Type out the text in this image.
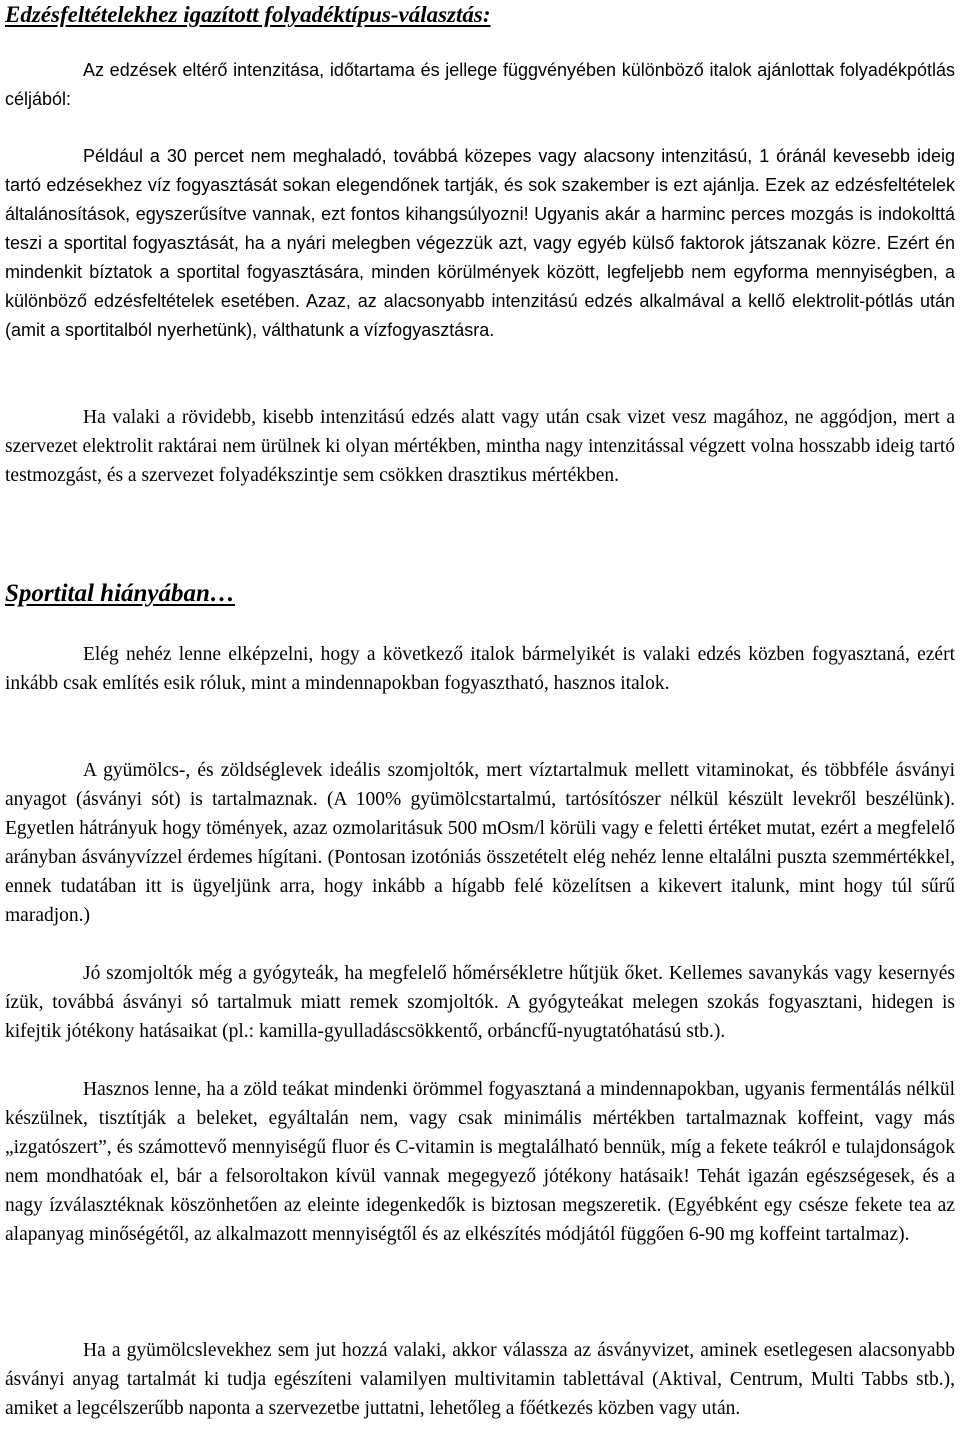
Edzésfeltételekhez igazított folyadéktípus-választás:

Az edzések eltérő intenzitása, időtartama és jellege függvényében különböző italok ajánlottak folyadékpótlás céljából:

Például a 30 percet nem meghaladó, továbbá közepes vagy alacsony intenzitású, 1 óránál kevesebb ideig tartó edzésekhez víz fogyasztását sokan elegendőnek tartják, és sok szakember is ezt ajánlja. Ezek az edzésfeltételek általánosítások, egyszerűsítve vannak, ezt fontos kihangsúlyozni! Ugyanis akár a harminc perces mozgás is indokolttá teszi a sportital fogyasztását, ha a nyári melegben végezzük azt, vagy egyéb külső faktorok játszanak közre. Ezért én mindenkit bíztatok a sportital fogyasztására, minden körülmények között, legfeljebb nem egyforma mennyiségben, a különböző edzésfeltételek esetében. Azaz, az alacsonyabb intenzitású edzés alkalmával a kellő elektrolit-pótlás után (amit a sportitalból nyerhetünk), válthatunk a vízfogyasztásra.

Ha valaki a rövidebb, kisebb intenzitású edzés alatt vagy után csak vizet vesz magához, ne aggódjon, mert a szervezet elektrolit raktárai nem ürülnek ki olyan mértékben, mintha nagy intenzitással végzett volna hosszabb ideig tartó testmozgást, és a szervezet folyadékszintje sem csökken drasztikus mértékben.

Sportital hiányában…

Elég nehéz lenne elképzelni, hogy a következő italok bármelyikét is valaki edzés közben fogyasztaná, ezért inkább csak említés esik róluk, mint a mindennapokban fogyasztható, hasznos italok.

A gyümölcs-, és zöldséglevek ideális szomjoltók, mert víztartalmuk mellett vitaminokat, és többféle ásványi anyagot (ásványi sót) is tartalmaznak. (A 100% gyümölcstartalmú, tartósítószer nélkül készült levekről beszélünk). Egyetlen hátrányuk hogy tömények, azaz ozmolaritásuk 500 mOsm/l körüli vagy e feletti értéket mutat, ezért a megfelelő arányban ásványvízzel érdemes hígítani. (Pontosan izotóniás összetételt elég nehéz lenne eltalálni puszta szemmértékkel, ennek tudatában itt is ügyeljünk arra, hogy inkább a hígabb felé közelítsen a kikevert italunk, mint hogy túl sűrű maradjon.)

Jó szomjoltók még a gyógyteák, ha megfelelő hőmérsékletre hűtjük őket. Kellemes savanykás vagy kesernyés ízük, továbbá ásványi só tartalmuk miatt remek szomjoltók. A gyógyteákat melegen szokás fogyasztani, hidegen is kifejtik jótékony hatásaikat (pl.: kamilla-gyulladáscsökkentő, orbáncfű-nyugtatóhatású stb.).

Hasznos lenne, ha a zöld teákat mindenki örömmel fogyasztaná a mindennapokban, ugyanis fermentálás nélkül készülnek, tisztítják a beleket, egyáltalán nem, vagy csak minimális mértékben tartalmaznak koffeint, vagy más „izgatószert”, és számottevő mennyiségű fluor és C-vitamin is megtalálható bennük, míg a fekete teákról e tulajdonságok nem mondhatóak el, bár a felsoroltakon kívül vannak megegyező jótékony hatásaik! Tehát igazán egészségesek, és a nagy ízválasztéknak köszönhetően az eleinte idegenkedők is biztosan megszeretik. (Egyébként egy csésze fekete tea az alapanyag minőségétől, az alkalmazott mennyiségtől és az elkészítés módjától függően 6-90 mg koffeint tartalmaz).

Ha a gyümölcslevekhez sem jut hozzá valaki, akkor válassza az ásványvizet, aminek esetlegesen alacsonyabb ásványi anyag tartalmát ki tudja egészíteni valamilyen multivitamin tablettával (Aktival, Centrum, Multi Tabbs stb.), amiket a legcélszerűbb naponta a szervezetbe juttatni, lehetőleg a főétkezés közben vagy után.
